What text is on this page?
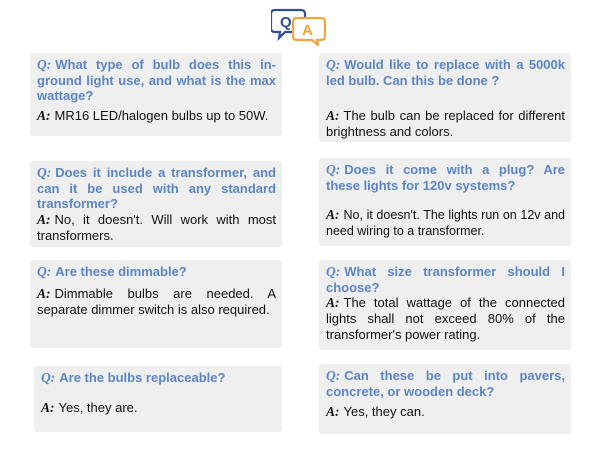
Q A

Q: What type of bulb does this in-ground light use, and what is the max wattage?

A: MR16 LED/halogen bulbs up to 50W.

Q: Would like to replace with a 5000k led bulb. Can this be done ?

A: The bulb can be replaced for different brightness and colors.

Q: Does it include a transformer, and can it be used with any standard transformer?

A: No, it doesn't. Will work with most transformers.

Q: Does it come with a plug? Are these lights for 120v systems?

A: No, it doesn't. The lights run on 12v and need wiring to a transformer.

Q: Are these dimmable?

A: Dimmable bulbs are needed. A separate dimmer switch is also required.

Q: What size transformer should I choose?

A: The total wattage of the connected lights shall not exceed 80% of the transformer's power rating.

Q: Are the bulbs replaceable?

A: Yes, they are.

Q: Can these be put into pavers, concrete, or wooden deck?

A: Yes, they can.
